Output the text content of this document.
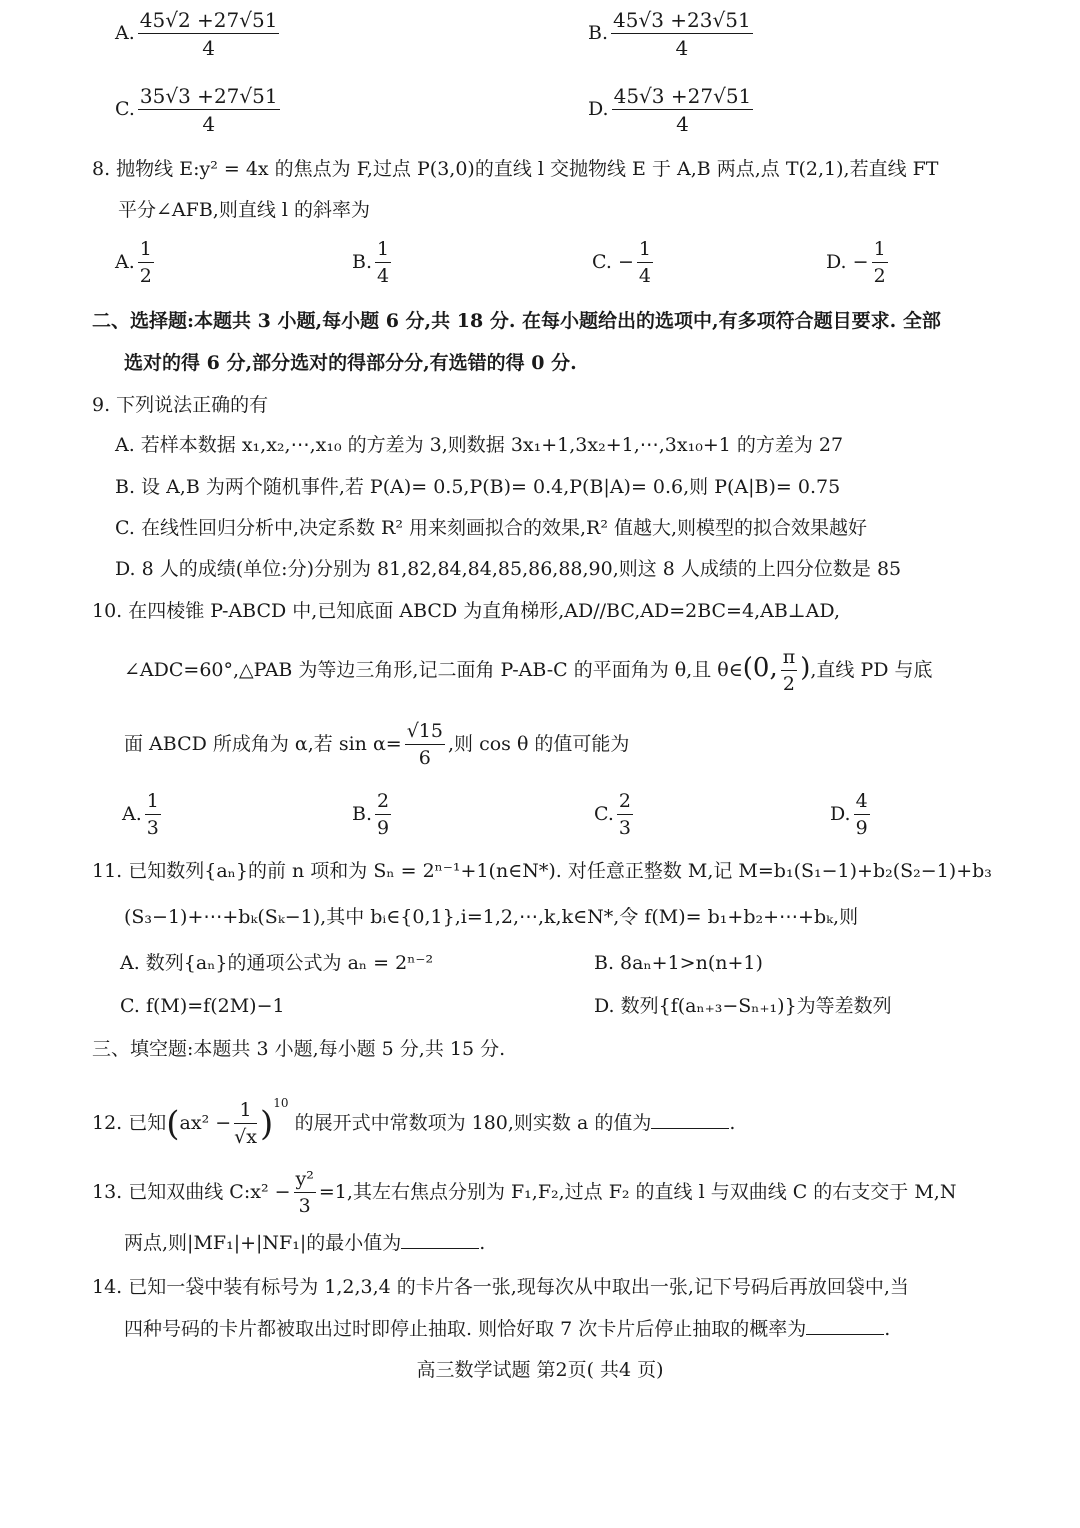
A. $\frac{45√2 +27√51}{4}$	B. $\frac{45√3 +23√51}{4}$
C. $\frac{35√3 +27√51}{4}$	D. $\frac{45√3 +27√51}{4}$
8. 抛物线 E:y² = 4x 的焦点为 F,过点 P(3,0)的直线 l 交抛物线 E 于 A,B 两点,点 T(2,1),若直线 FT
平分∠AFB,则直线 l 的斜率为
A. $\frac{1}{2}$	B. $\frac{1}{4}$	C. − $\frac{1}{4}$	D. − $\frac{1}{2}$
二、选择题:本题共 3 小题,每小题 6 分,共 18 分. 在每小题给出的选项中,有多项符合题目要求. 全部
选对的得 6 分,部分选对的得部分分,有选错的得 0 分.
9. 下列说法正确的有
A. 若样本数据 x₁,x₂,⋯,x₁₀ 的方差为 3,则数据 3x₁+1,3x₂+1,⋯,3x₁₀+1 的方差为 27
B. 设 A,B 为两个随机事件,若 P(A)= 0.5,P(B)= 0.4,P(B|A)= 0.6,则 P(A|B)= 0.75
C. 在线性回归分析中,决定系数 R² 用来刻画拟合的效果,R² 值越大,则模型的拟合效果越好
D. 8 人的成绩(单位:分)分别为 81,82,84,84,85,86,88,90,则这 8 人成绩的上四分位数是 85
10. 在四棱锥 P-ABCD 中,已知底面 ABCD 为直角梯形,AD//BC,AD=2BC=4,AB⊥AD,
∠ADC=60°,△PAB 为等边三角形,记二面角 P-AB-C 的平面角为 θ,且 θ∈(0, $\frac{\pi}{2}$ ),直线 PD 与底
面 ABCD 所成角为 α,若 $\sin \alpha= \frac{√15}{6}$ ,则 cos θ 的值可能为
A. $\frac{1}{3}$	B. $\frac{2}{9}$	C. $\frac{2}{3}$	D. $\frac{4}{9}$
11. 已知数列{aₙ}的前 n 项和为 Sₙ = 2ⁿ⁻¹+1(n∈N*). 对任意正整数 M,记 M=b₁(S₁−1)+b₂(S₂−1)+b₃
(S₃−1)+⋯+bₖ(Sₖ−1),其中 bᵢ∈{0,1},i=1,2,⋯,k,k∈N*,令 f(M)= b₁+b₂+⋯+bₖ,则
A. 数列{aₙ}的通项公式为 aₙ = 2ⁿ⁻²	B. 8aₙ+1>n(n+1)
C. f(M)=f(2M)−1	D. 数列{f(aₙ₊₃−Sₙ₊₁)}为等差数列
三、填空题:本题共 3 小题,每小题 5 分,共 15 分.
12. 已知$(ax^2 - \frac{1}{√x} )^{10}$ 的展开式中常数项为 180,则实数 a 的值为	.
13. 已知双曲线 C:x² − $\frac{\text{y²}}{3} =1$,其左右焦点分别为 F₁,F₂,过点 F₂ 的直线 l 与双曲线 C 的右支交于 M,N
两点,则|MF₁|+|NF₁|的最小值为	.
14. 已知一袋中装有标号为 1,2,3,4 的卡片各一张,现每次从中取出一张,记下号码后再放回袋中,当
四种号码的卡片都被取出过时即停止抽取. 则恰好取 7 次卡片后停止抽取的概率为	.
高三数学试题 第2页( 共4 页)
